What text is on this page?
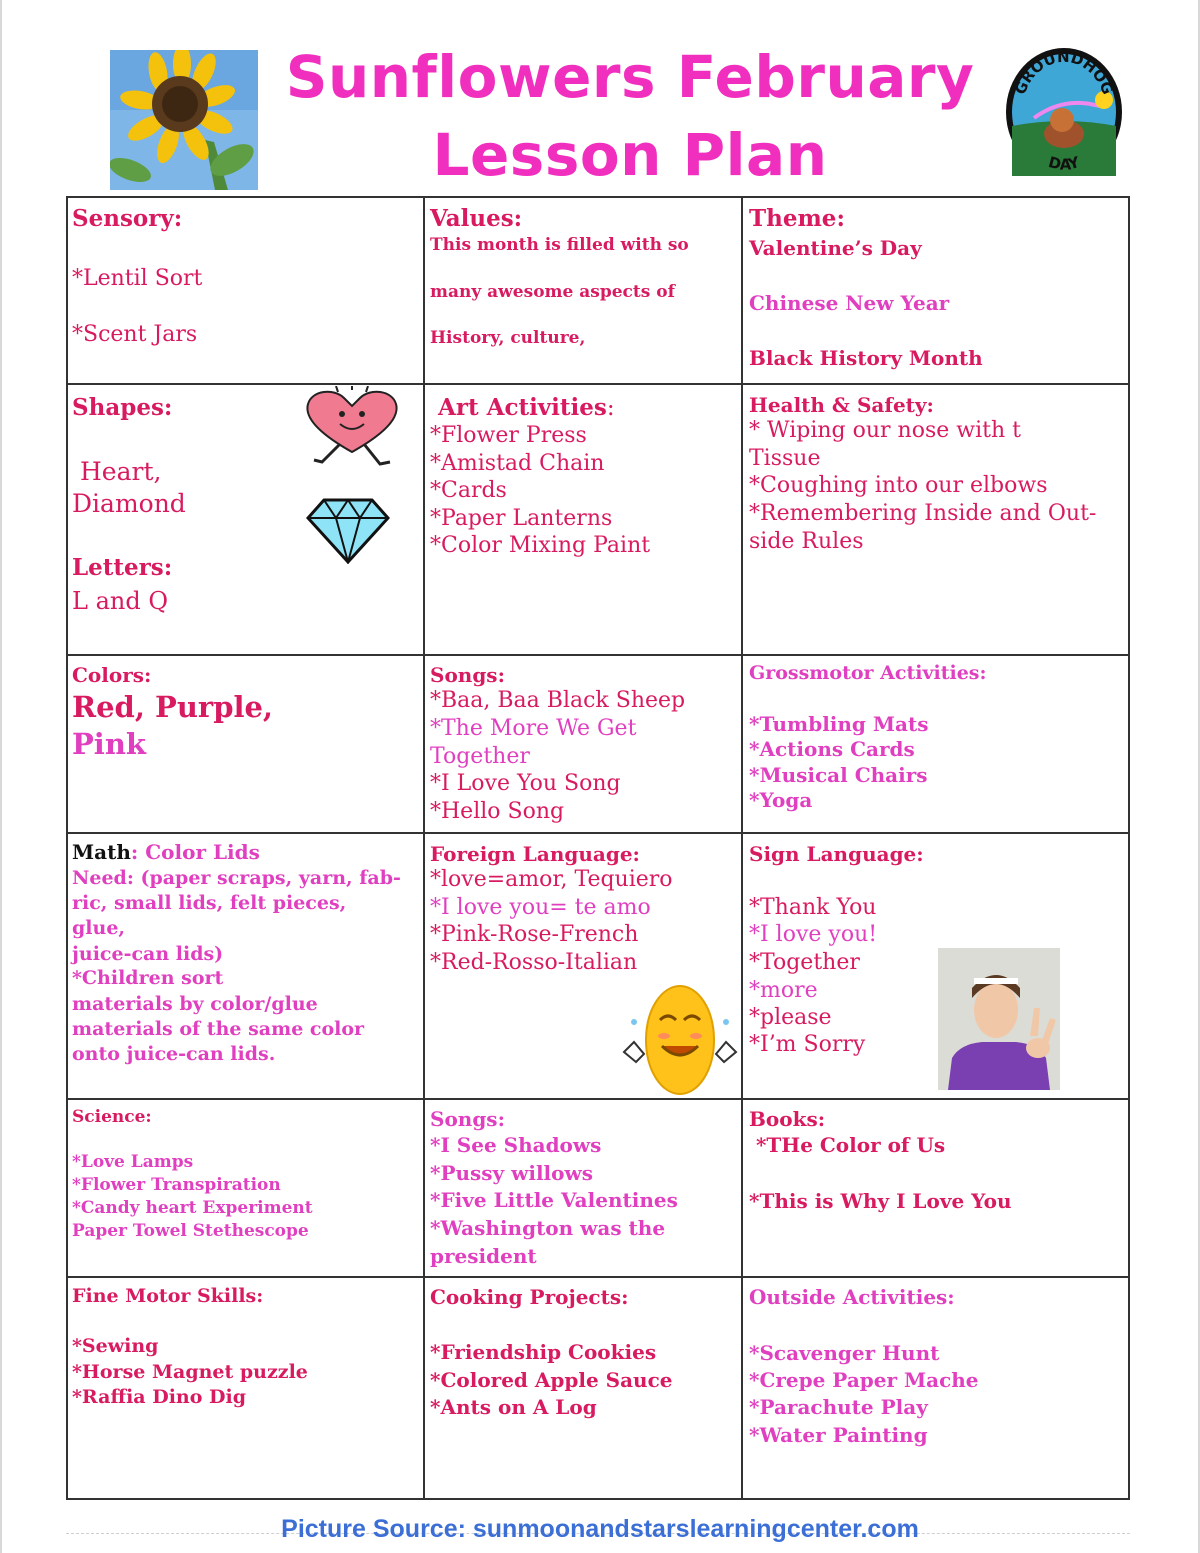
Sunflowers February
Lesson Plan
GROUNDHOG
DAY
Sensory:
*Lentil Sort
*Scent Jars
Values:
This month is filled with so
many awesome aspects of
History, culture,
Theme:
Valentine’s Day
Chinese New Year
Black History Month
Shapes:
Heart,
Diamond
Letters:
L and Q
Art Activities:
*Flower Press
*Amistad Chain
*Cards
*Paper Lanterns
*Color Mixing Paint
Health & Safety:
* Wiping our nose with t
Tissue
*Coughing into our elbows
*Remembering Inside and Out-
side Rules
Colors:
Red, Purple,
Pink
Songs:
*Baa, Baa Black Sheep
*The More We Get
Together
*I Love You Song
*Hello Song
Grossmotor Activities:
*Tumbling Mats
*Actions Cards
*Musical Chairs
*Yoga
Math: Color Lids
Need: (paper scraps, yarn, fab-
ric, small lids, felt pieces,
glue,
juice-can lids)
*Children sort
materials by color/glue
materials of the same color
onto juice-can lids.
Foreign Language:
*love=amor, Tequiero
*I love you= te amo
*Pink-Rose-French
*Red-Rosso-Italian
Sign Language:
*Thank You
*I love you!
*Together
*more
*please
*I’m Sorry
Science:
*Love Lamps
*Flower Transpiration
*Candy heart Experiment
Paper Towel Stethescope
Songs:
*I See Shadows
*Pussy willows
*Five Little Valentines
*Washington was the
president
Books:
*THe Color of Us
*This is Why I Love You
Fine Motor Skills:
*Sewing
*Horse Magnet puzzle
*Raffia Dino Dig
Cooking Projects:
*Friendship Cookies
*Colored Apple Sauce
*Ants on A Log
Outside Activities:
*Scavenger Hunt
*Crepe Paper Mache
*Parachute Play
*Water Painting
Picture Source: sunmoonandstarslearningcenter.com
